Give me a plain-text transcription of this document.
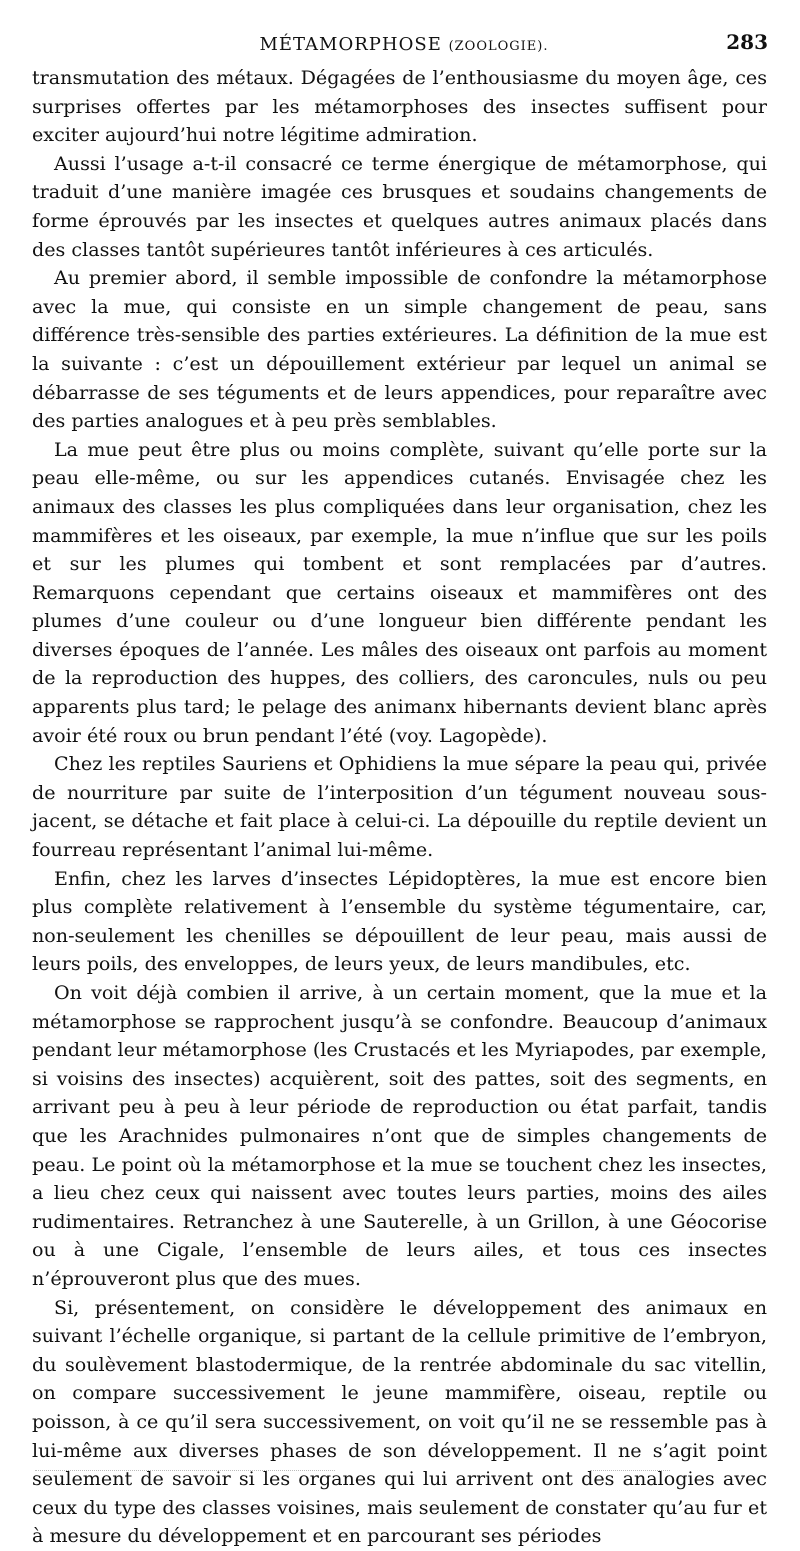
MÉTAMORPHOSE (ZOOLOGIE).	283

transmutation des métaux. Dégagées de l’enthousiasme du moyen âge, ces surprises offertes par les métamorphoses des insectes suffisent pour exciter aujourd’hui notre légitime admiration.

Aussi l’usage a-t-il consacré ce terme énergique de métamorphose, qui traduit d’une manière imagée ces brusques et soudains changements de forme éprouvés par les insectes et quelques autres animaux placés dans des classes tantôt supérieures tantôt inférieures à ces articulés.

Au premier abord, il semble impossible de confondre la métamorphose avec la mue, qui consiste en un simple changement de peau, sans différence très-sensible des parties extérieures. La définition de la mue est la suivante : c’est un dépouillement extérieur par lequel un animal se débarrasse de ses téguments et de leurs appendices, pour reparaître avec des parties analogues et à peu près semblables.

La mue peut être plus ou moins complète, suivant qu’elle porte sur la peau elle-même, ou sur les appendices cutanés. Envisagée chez les animaux des classes les plus compliquées dans leur organisation, chez les mammifères et les oiseaux, par exemple, la mue n’influe que sur les poils et sur les plumes qui tombent et sont remplacées par d’autres. Remarquons cependant que certains oiseaux et mammifères ont des plumes d’une couleur ou d’une longueur bien différente pendant les diverses époques de l’année. Les mâles des oiseaux ont parfois au moment de la reproduction des huppes, des colliers, des caroncules, nuls ou peu apparents plus tard; le pelage des animanx hibernants devient blanc après avoir été roux ou brun pendant l’été (voy. Lagopède).

Chez les reptiles Sauriens et Ophidiens la mue sépare la peau qui, privée de nourriture par suite de l’interposition d’un tégument nouveau sous-jacent, se détache et fait place à celui-ci. La dépouille du reptile devient un fourreau représentant l’animal lui-même.

Enfin, chez les larves d’insectes Lépidoptères, la mue est encore bien plus complète relativement à l’ensemble du système tégumentaire, car, non-seulement les chenilles se dépouillent de leur peau, mais aussi de leurs poils, des enveloppes, de leurs yeux, de leurs mandibules, etc.

On voit déjà combien il arrive, à un certain moment, que la mue et la métamorphose se rapprochent jusqu’à se confondre. Beaucoup d’animaux pendant leur métamorphose (les Crustacés et les Myriapodes, par exemple, si voisins des insectes) acquièrent, soit des pattes, soit des segments, en arrivant peu à peu à leur période de reproduction ou état parfait, tandis que les Arachnides pulmonaires n’ont que de simples changements de peau. Le point où la métamorphose et la mue se touchent chez les insectes, a lieu chez ceux qui naissent avec toutes leurs parties, moins des ailes rudimentaires. Retranchez à une Sauterelle, à un Grillon, à une Géocorise ou à une Cigale, l’ensemble de leurs ailes, et tous ces insectes n’éprouveront plus que des mues.

Si, présentement, on considère le développement des animaux en suivant l’échelle organique, si partant de la cellule primitive de l’embryon, du soulèvement blastodermique, de la rentrée abdominale du sac vitellin, on compare successivement le jeune mammifère, oiseau, reptile ou poisson, à ce qu’il sera successivement, on voit qu’il ne se ressemble pas à lui-même aux diverses phases de son développement. Il ne s’agit point seulement de savoir si les organes qui lui arrivent ont des analogies avec ceux du type des classes voisines, mais seulement de constater qu’au fur et à mesure du développement et en parcourant ses périodes
